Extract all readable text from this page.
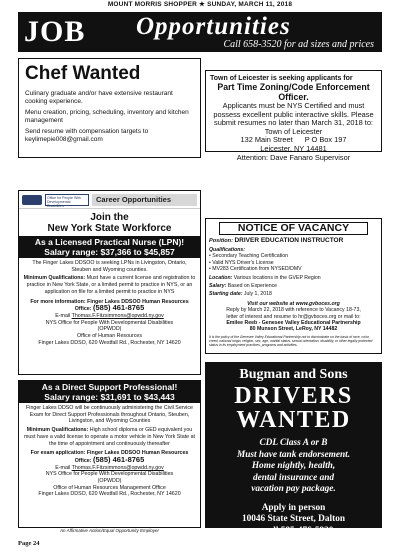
MOUNT MORRIS SHOPPER ★ SUNDAY, MARCH 11, 2018
JOB Opportunities
Call 658-3520 for ad sizes and prices
Chef Wanted

Culinary graduate and/or have extensive restaurant cooking experience.

Menu creation, pricing, scheduling, inventory and kitchen management

Send resume with compensation targets to keylimepie008@gmail.com

Town of Leicester is seeking applicants for
Part Time Zoning/Code Enforcement Officer.
Applicants must be NYS Certified and must possess excellent public interactive skills. Please submit resumes no later than March 31, 2018 to:
Town of Leicester
132 Main Street P O Box 197
Leicester, NY 14481
Attention: Dave Fanaro Supervisor
Office for People With Developmental Disabilities
Career Opportunities
Join the
New York State Workforce
As a Licensed Practical Nurse (LPN)!
Salary range: $37,366 to $45,857
The Finger Lakes DDSOO is seeking LPNs in Livingston, Ontario, Steuben and Wyoming counties.
Minimum Qualifications: Must have a current license and registration to practice in New York State, or a limited permit to practice in NYS, or an application on file for a limited permit to practice in NYS
For more information: Finger Lakes DDSOO Human Resources Office: (585) 461-8765
E-mail Thomas.F.Fitzsimmons@opwdd.ny.gov
NYS Office for People With Developmental Disabilities
(OPWDD)
Office of Human Resources
Finger Lakes DDSO, 620 Westfall Rd., Rochester, NY 14620
As a Direct Support Professional!
Salary range: $31,691 to $43,443
Finger Lakes DDSO will be continuously administering the Civil Service Exam for Direct Support Professionals throughout Ontario, Steuben, Livingston, and Wyoming Counties
Minimum Qualifications: High school diploma or GED equivalent you must have a valid license to operate a motor vehicle in New York State at the time of appointment and continuously thereafter
For exam application: Finger Lakes DDSOO Human Resources Office: (585) 461-8765
E-mail Thomas.F.Fitzsimmons@opwdd.ny.gov
NYS Office for People With Developmental Disabilities
(OPWDD)
Office of Human Resources Management Office
Finger Lakes DDSO, 620 Westfall Rd., Rochester, NY 14620
An Affirmative Action/Equal Opportunity Employer
NOTICE OF VACANCY
Position: DRIVER EDUCATION INSTRUCTOR
Qualifications:
• Secondary Teaching Certification
• Valid NYS Driver's License
• MV283 Certification from NYSED/DMV
Location: Various locations in the GVEP Region
Salary: Based on Experience
Starting date: July 1, 2018
Visit our website at www.gvboces.org
Reply by March 22, 2018 with reference to Vacancy 18-73,
letter of interest and resume to hr@gvboces.org or mail to:
Emilee Reeb - Genesee Valley Educational Partnership
80 Munson Street, LeRoy, NY 14482
It is the policy of the Genesee Valley Educational Partnership not to discriminate on the basis of race, color, creed, national origin, religion, sex, age, marital status, sexual orientation, disability, or other legally protected status in its employment practices, programs and activities.
Bugman and Sons
DRIVERS
WANTED
CDL Class A or B
Must have tank endorsement.
Home nightly, health,
dental insurance and
vacation pay package.
Apply in person
10046 State Street, Dalton
or call 585-476-5920
Page 24
